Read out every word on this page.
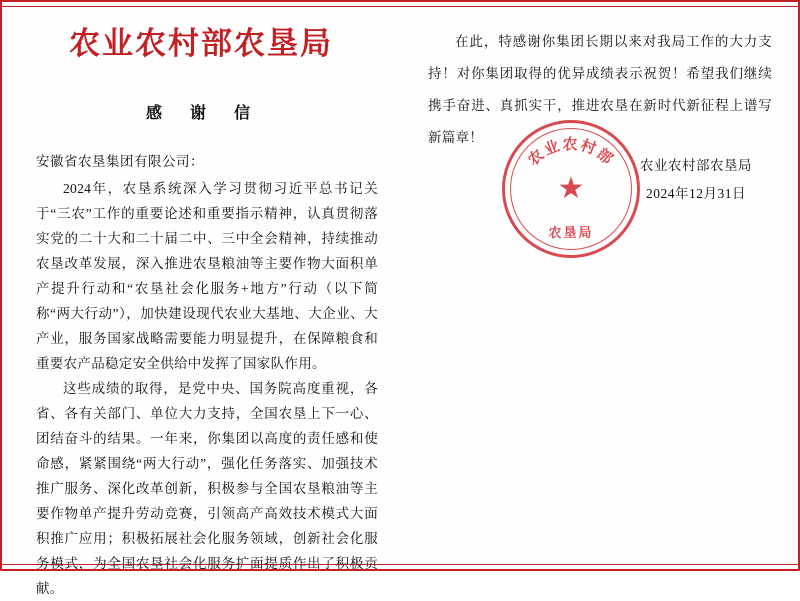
农业农村部农垦局
感　谢　信
安徽省农垦集团有限公司：
2024年，农垦系统深入学习贯彻习近平总书记关于“三农”工作的重要论述和重要指示精神，认真贯彻落实党的二十大和二十届二中、三中全会精神，持续推动农垦改革发展，深入推进农垦粮油等主要作物大面积单产提升行动和“农垦社会化服务+地方”行动（以下简称“两大行动”），加快建设现代农业大基地、大企业、大产业，服务国家战略需要能力明显提升，在保障粮食和重要农产品稳定安全供给中发挥了国家队作用。
这些成绩的取得，是党中央、国务院高度重视，各省、各有关部门、单位大力支持，全国农垦上下一心、团结奋斗的结果。一年来，你集团以高度的责任感和使命感，紧紧围绕“两大行动”，强化任务落实、加强技术推广服务、深化改革创新，积极参与全国农垦粮油等主要作物单产提升劳动竞赛，引领高产高效技术模式大面积推广应用；积极拓展社会化服务领域，创新社会化服务模式，为全国农垦社会化服务扩面提质作出了积极贡献。
在此，特感谢你集团长期以来对我局工作的大力支持！对你集团取得的优异成绩表示祝贺！希望我们继续携手奋进、真抓实干，推进农垦在新时代新征程上谱写新篇章！
农业农村部农垦局
2024年12月31日
农业农村部
★
农垦局
